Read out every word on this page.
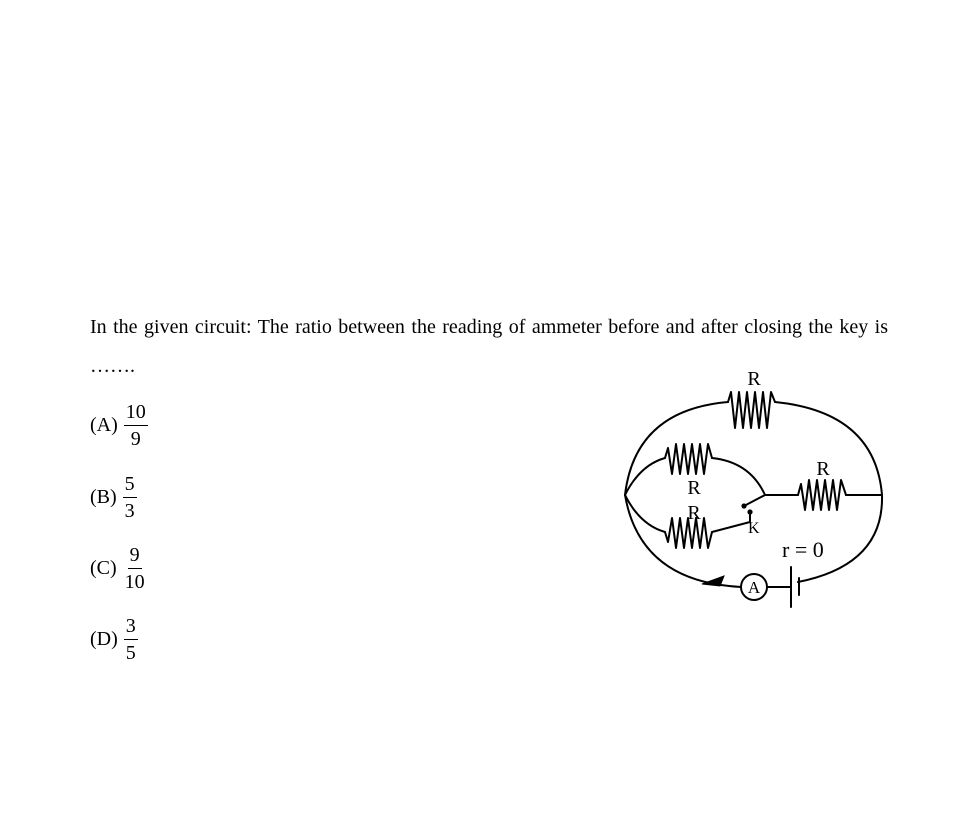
In the given circuit: The ratio between the reading of ammeter before and after closing the key is …….
$(A) \frac{10}{9}$
$(B) \frac{5}{3}$
$(C) \frac{9}{10}$
$(D) \frac{3}{5}$
R
R
R
R
K
r = 0
A
